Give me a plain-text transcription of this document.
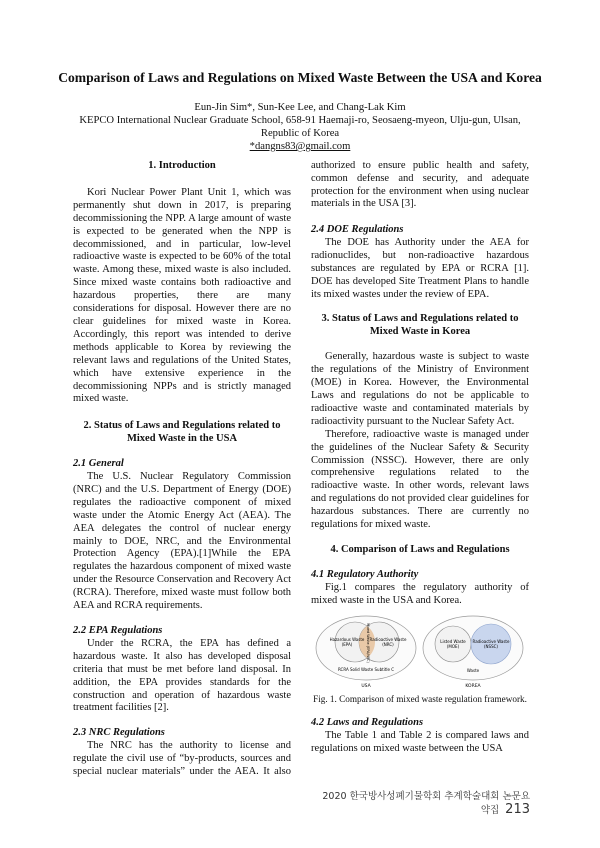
Comparison of Laws and Regulations on Mixed Waste Between the USA and Korea
Eun-Jin Sim*, Sun-Kee Lee, and Chang-Lak Kim
KEPCO International Nuclear Graduate School, 658-91 Haemaji-ro, Seosaeng-myeon, Ulju-gun, Ulsan,
Republic of Korea
*dangns83@gmail.com
1. Introduction

Kori Nuclear Power Plant Unit 1, which was permanently shut down in 2017, is preparing decommissioning the NPP. A large amount of waste is expected to be generated when the NPP is decommissioned, and in particular, low-level radioactive waste is expected to be 60% of the total waste. Among these, mixed waste is also included. Since mixed waste contains both radioactive and hazardous properties, there are many considerations for disposal. However there are no clear guidelines for mixed waste in Korea. Accordingly, this report was intended to derive methods applicable to Korea by reviewing the relevant laws and regulations of the United States, which have extensive experience in the decommissioning NPPs and is strictly managed mixed waste.

2. Status of Laws and Regulations related to Mixed Waste in the USA
2.1 General

The U.S. Nuclear Regulatory Commission (NRC) and the U.S. Department of Energy (DOE) regulates the radioactive component of mixed waste under the Atomic Energy Act (AEA). The AEA delegates the control of nuclear energy mainly to DOE, NRC, and the Environmental Protection Agency (EPA).[1]While the EPA regulates the hazardous component of mixed waste under the Resource Conservation and Recovery Act (RCRA). Therefore, mixed waste must follow both AEA and RCRA requirements.

2.2 EPA Regulations

Under the RCRA, the EPA has defined a hazardous waste. It also has developed disposal criteria that must be met before land disposal. In addition, the EPA provides standards for the construction and operation of hazardous waste treatment facilities [2].

2.3 NRC Regulations

The NRC has the authority to license and regulate the civil use of “by-products, sources and special nuclear materials” under the AEA. It also

authorized to ensure public health and safety, common defense and security, and adequate protection for the environment when using nuclear materials in the USA [3].

2.4 DOE Regulations

The DOE has Authority under the AEA for radionuclides, but non-radioactive hazardous substances are regulated by EPA or RCRA [1]. DOE has developed Site Treatment Plans to handle its mixed wastes under the review of EPA.

3. Status of Laws and Regulations related to Mixed Waste in Korea

Generally, hazardous waste is subject to waste the regulations of the Ministry of Environment (MOE) in Korea. However, the Environmental Laws and regulations do not be applicable to radioactive waste and contaminated materials by radioactivity pursuant to the Nuclear Safety Act.

Therefore, radioactive waste is managed under the guidelines of the Nuclear Safety & Security Commission (NSSC). However, there are only comprehensive regulations related to the radioactive waste. In other words, relevant laws and regulations do not provided clear guidelines for hazardous substances. There are currently no regulations for mixed waste.

4. Comparison of Laws and Regulations
4.1 Regulatory Authority

Fig.1 compares the regulatory authority of mixed waste in the USA and Korea.

Hazardous Waste (EPA)	Mixed Waste (EPA/NRC) Radioactive Waste (NRC)
RCRA Solid Waste Subtitle C
USA
Listed Waste (MOE)
Radioactive Waste (NSSC)
Waste
KOREA
Fig. 1. Comparison of mixed waste regulation framework.
4.2 Laws and Regulations

The Table 1 and Table 2 is compared laws and regulations on mixed waste between the USA

2020 한국방사성폐기물학회 추계학술대회 논문요약집 213
